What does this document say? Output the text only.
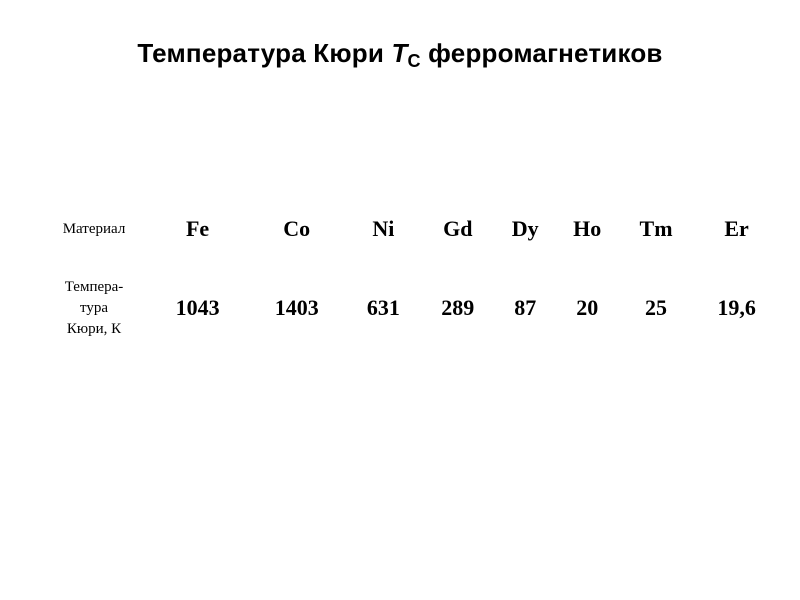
Температура Кюри TC ферромагнетиков
Материал	Fe	Co	Ni	Gd	Dy	Ho	Tm	Er

Темпера-
тура
Кюри, К	1043	1403	631	289	87	20	25	19,6
